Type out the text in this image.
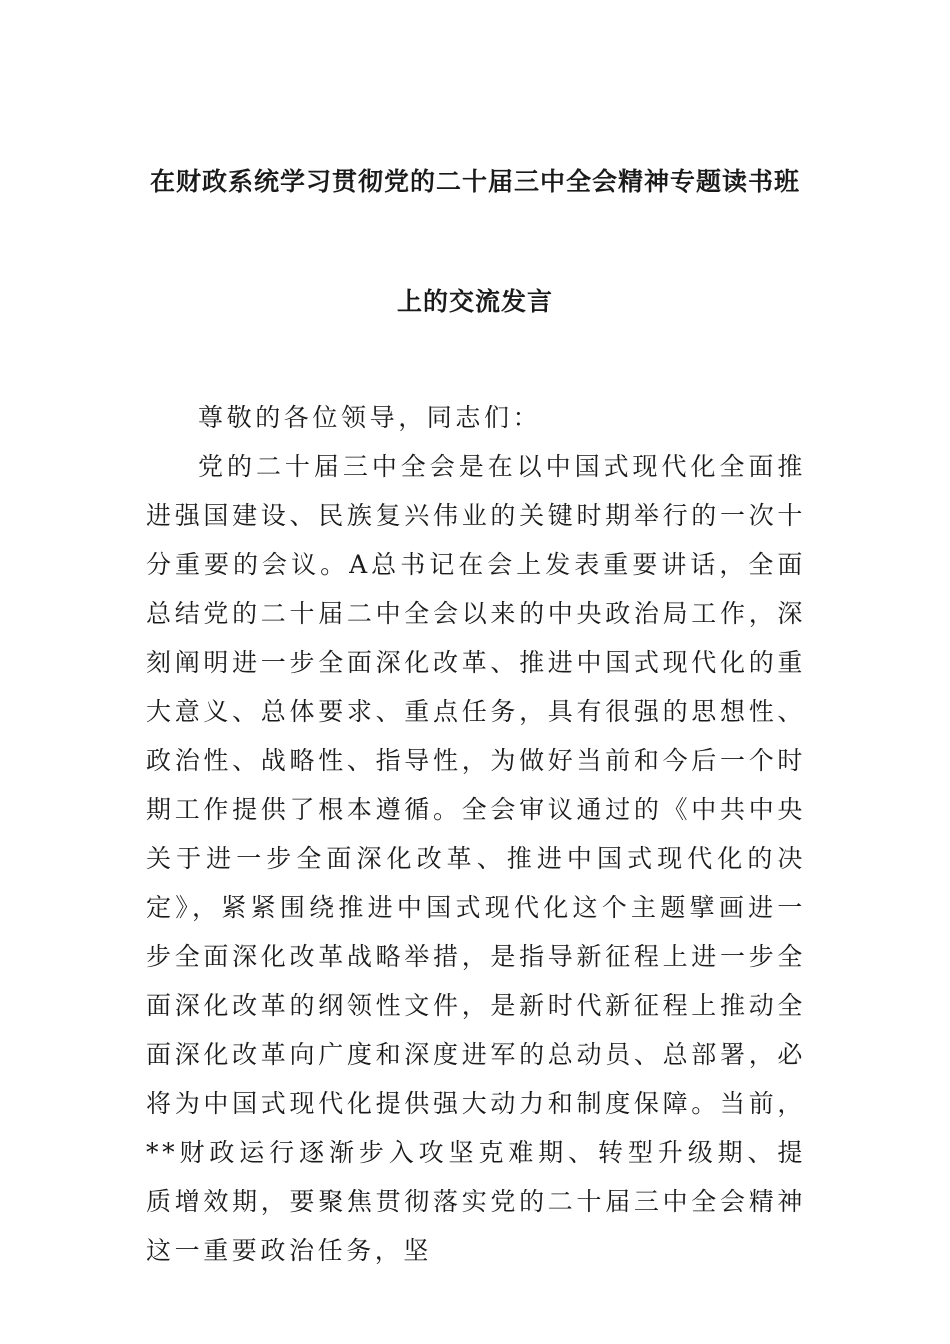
在财政系统学习贯彻党的二十届三中全会精神专题读书班
上的交流发言

尊敬的各位领导，同志们：

党的二十届三中全会是在以中国式现代化全面推进强国建设、民族复兴伟业的关键时期举行的一次十分重要的会议。A总书记在会上发表重要讲话，全面总结党的二十届二中全会以来的中央政治局工作，深刻阐明进一步全面深化改革、推进中国式现代化的重大意义、总体要求、重点任务，具有很强的思想性、政治性、战略性、指导性，为做好当前和今后一个时期工作提供了根本遵循。全会审议通过的《中共中央关于进一步全面深化改革、推进中国式现代化的决定》，紧紧围绕推进中国式现代化这个主题擘画进一步全面深化改革战略举措，是指导新征程上进一步全面深化改革的纲领性文件，是新时代新征程上推动全面深化改革向广度和深度进军的总动员、总部署，必将为中国式现代化提供强大动力和制度保障。当前，**财政运行逐渐步入攻坚克难期、转型升级期、提质增效期，要聚焦贯彻落实党的二十届三中全会精神这一重要政治任务，坚
